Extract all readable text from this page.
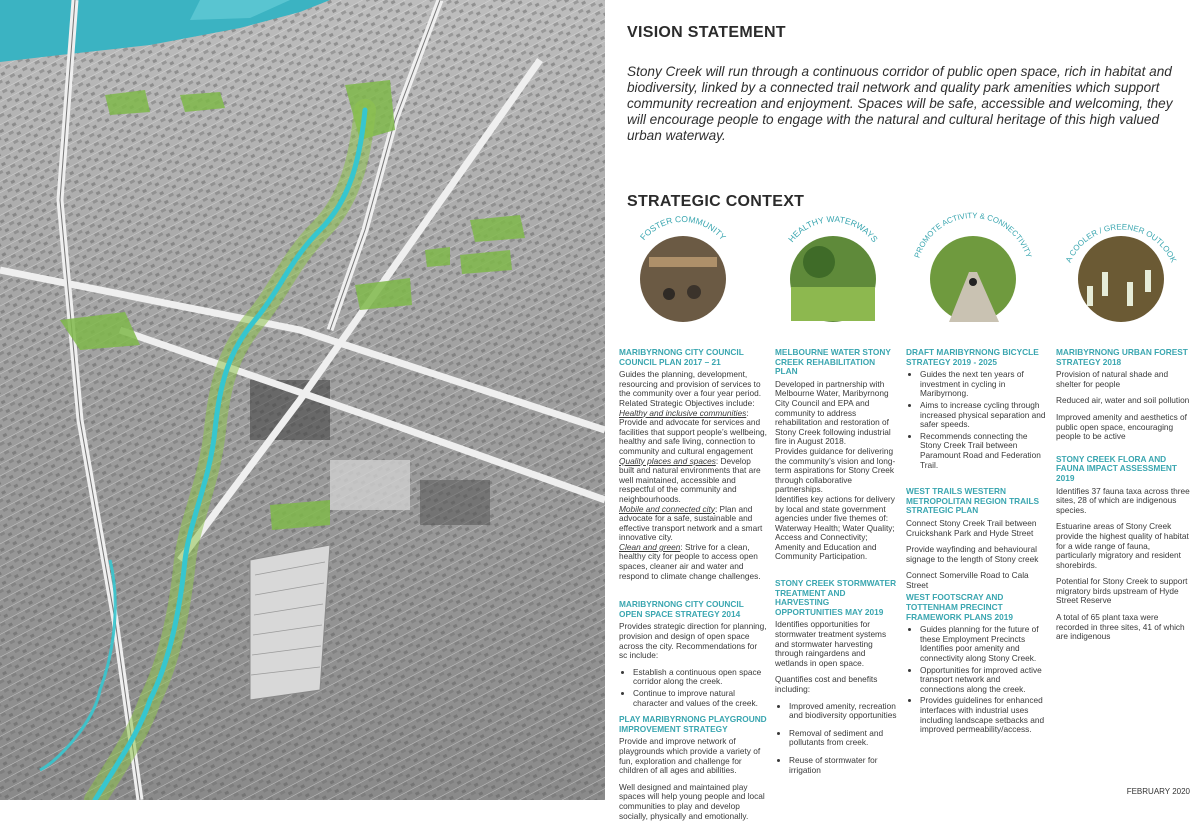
VISION STATEMENT
Stony Creek will run through a continuous corridor of public open space, rich in habitat and biodiversity, linked by a connected trail network and quality park amenities which support community recreation and enjoyment. Spaces will be safe, accessible and welcoming, they will encourage people to engage with the natural and cultural heritage of this high valued urban waterway.
STRATEGIC CONTEXT
FOSTER COMMUNITY	HEALTHY WATERWAYS
PROMOTE ACTIVITY & CONNECTIVITY
A COOLER / GREENER OUTLOOK
MARIBYRNONG CITY COUNCIL COUNCIL PLAN 2017 – 21

Guides the planning, development, resourcing and provision of services to the community over a four year period. Related Strategic Objectives include:
Healthy and inclusive communities: Provide and advocate for services and facilities that support people’s wellbeing, healthy and safe living, connection to community and cultural engagement
Quality places and spaces: Develop built and natural environments that are well maintained, accessible and respectful of the community and neighbourhoods.
Mobile and connected city: Plan and advocate for a safe, sustainable and effective transport network and a smart innovative city.
Clean and green: Strive for a clean, healthy city for people to access open spaces, cleaner air and water and respond to climate change challenges.

MARIBYRNONG CITY COUNCIL OPEN SPACE STRATEGY 2014

Provides strategic direction for planning, provision and design of open space across the city. Recommendations for sc include:

• Establish a continuous open space corridor along the creek.
• Continue to improve natural character and values of the creek.
PLAY MARIBYRNONG PLAYGROUND IMPROVEMENT STRATEGY

Provide and improve network of playgrounds which provide a variety of fun, exploration and challenge for children of all ages and abilities.

Well designed and maintained play spaces will help young people and local communities to play and develop socially, physically and emotionally.

MELBOURNE WATER STONY CREEK REHABILITATION PLAN

Developed in partnership with Melbourne Water, Maribyrnong City Council and EPA and community to address rehabilitation and restoration of Stony Creek following industrial fire in August 2018.
Provides guidance for delivering the community’s vision and long-term aspirations for Stony Creek through collaborative partnerships.
Identifies key actions for delivery by local and state government agencies under five themes of: Waterway Health; Water Quality; Access and Connectivity; Amenity and Education and Community Participation.

STONY CREEK STORMWATER TREATMENT AND HARVESTING OPPORTUNITIES MAY 2019

Identifies opportunities for stormwater treatment systems and stormwater harvesting through raingardens and wetlands in open space.

Quantifies cost and benefits including:

• Improved amenity, recreation and biodiversity opportunities
• Removal of sediment and pollutants from creek.
• Reuse of stormwater for irrigation
DRAFT MARIBYRNONG BICYCLE STRATEGY 2019 - 2025
• Guides the next ten years of investment in cycling in Maribyrnong.
• Aims to increase cycling through increased physical separation and safer speeds.
• Recommends connecting the Stony Creek Trail between Paramount Road and Federation Trail.
WEST TRAILS WESTERN METROPOLITAN REGION TRAILS STRATEGIC PLAN

Connect Stony Creek Trail between Cruickshank Park and Hyde Street

Provide wayfinding and behavioural signage to the length of Stony creek

Connect Somerville Road to Cala Street

WEST FOOTSCRAY AND TOTTENHAM PRECINCT FRAMEWORK PLANS 2019
• Guides planning for the future of these Employment Precincts Identifies poor amenity and connectivity along Stony Creek.
• Opportunities for improved active transport network and connections along the creek.
• Provides guidelines for enhanced interfaces with industrial uses including landscape setbacks and improved permeability/access.
MARIBYRNONG URBAN FOREST STRATEGY 2018

Provision of natural shade and shelter for people

Reduced air, water and soil pollution

Improved amenity and aesthetics of public open space, encouraging people to be active

STONY CREEK FLORA AND FAUNA IMPACT ASSESSMENT 2019

Identifies 37 fauna taxa across three sites, 28 of which are indigenous species.

Estuarine areas of Stony Creek provide the highest quality of habitat for a wide range of fauna, particularly migratory and resident shorebirds.

Potential for Stony Creek to support migratory birds upstream of Hyde Street Reserve

A total of 65 plant taxa were recorded in three sites, 41 of which are indigenous

FEBRUARY 2020
